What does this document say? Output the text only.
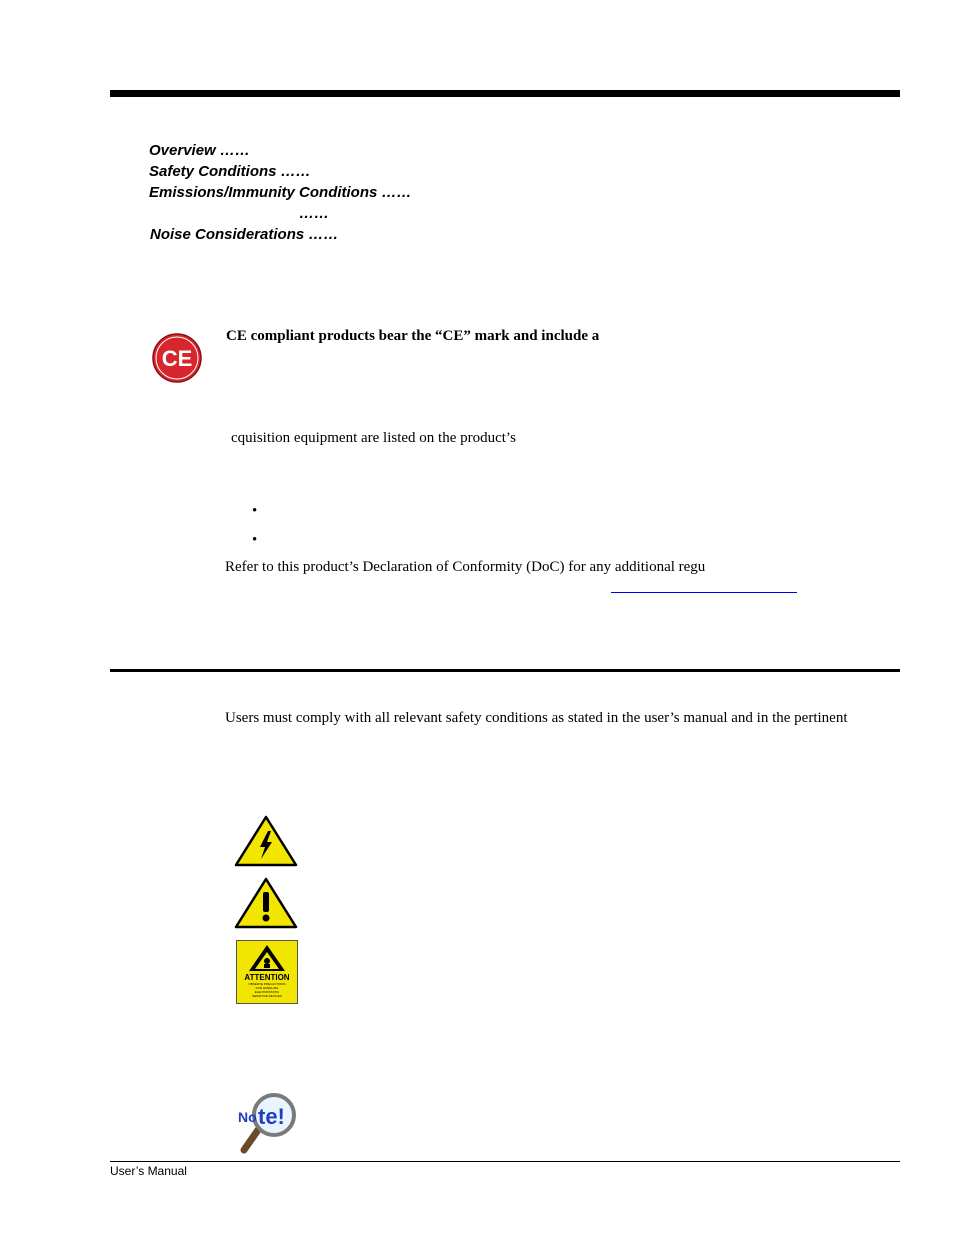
Overview ……
Safety Conditions ……
Emissions/Immunity Conditions ……
……
Noise Considerations ……
CE
CE compliant products bear the “CE” mark and include a
cquisition equipment are listed on the product’s
•
•
Refer to this product’s Declaration of Conformity (DoC) for any additional regu
Users must comply with all relevant safety conditions as stated in the user’s manual and in the pertinent
ATTENTION
OBSERVE PRECAUTIONS
FOR HANDLING
ELECTROSTATIC
SENSITIVE DEVICES
No te!
User’s Manual
